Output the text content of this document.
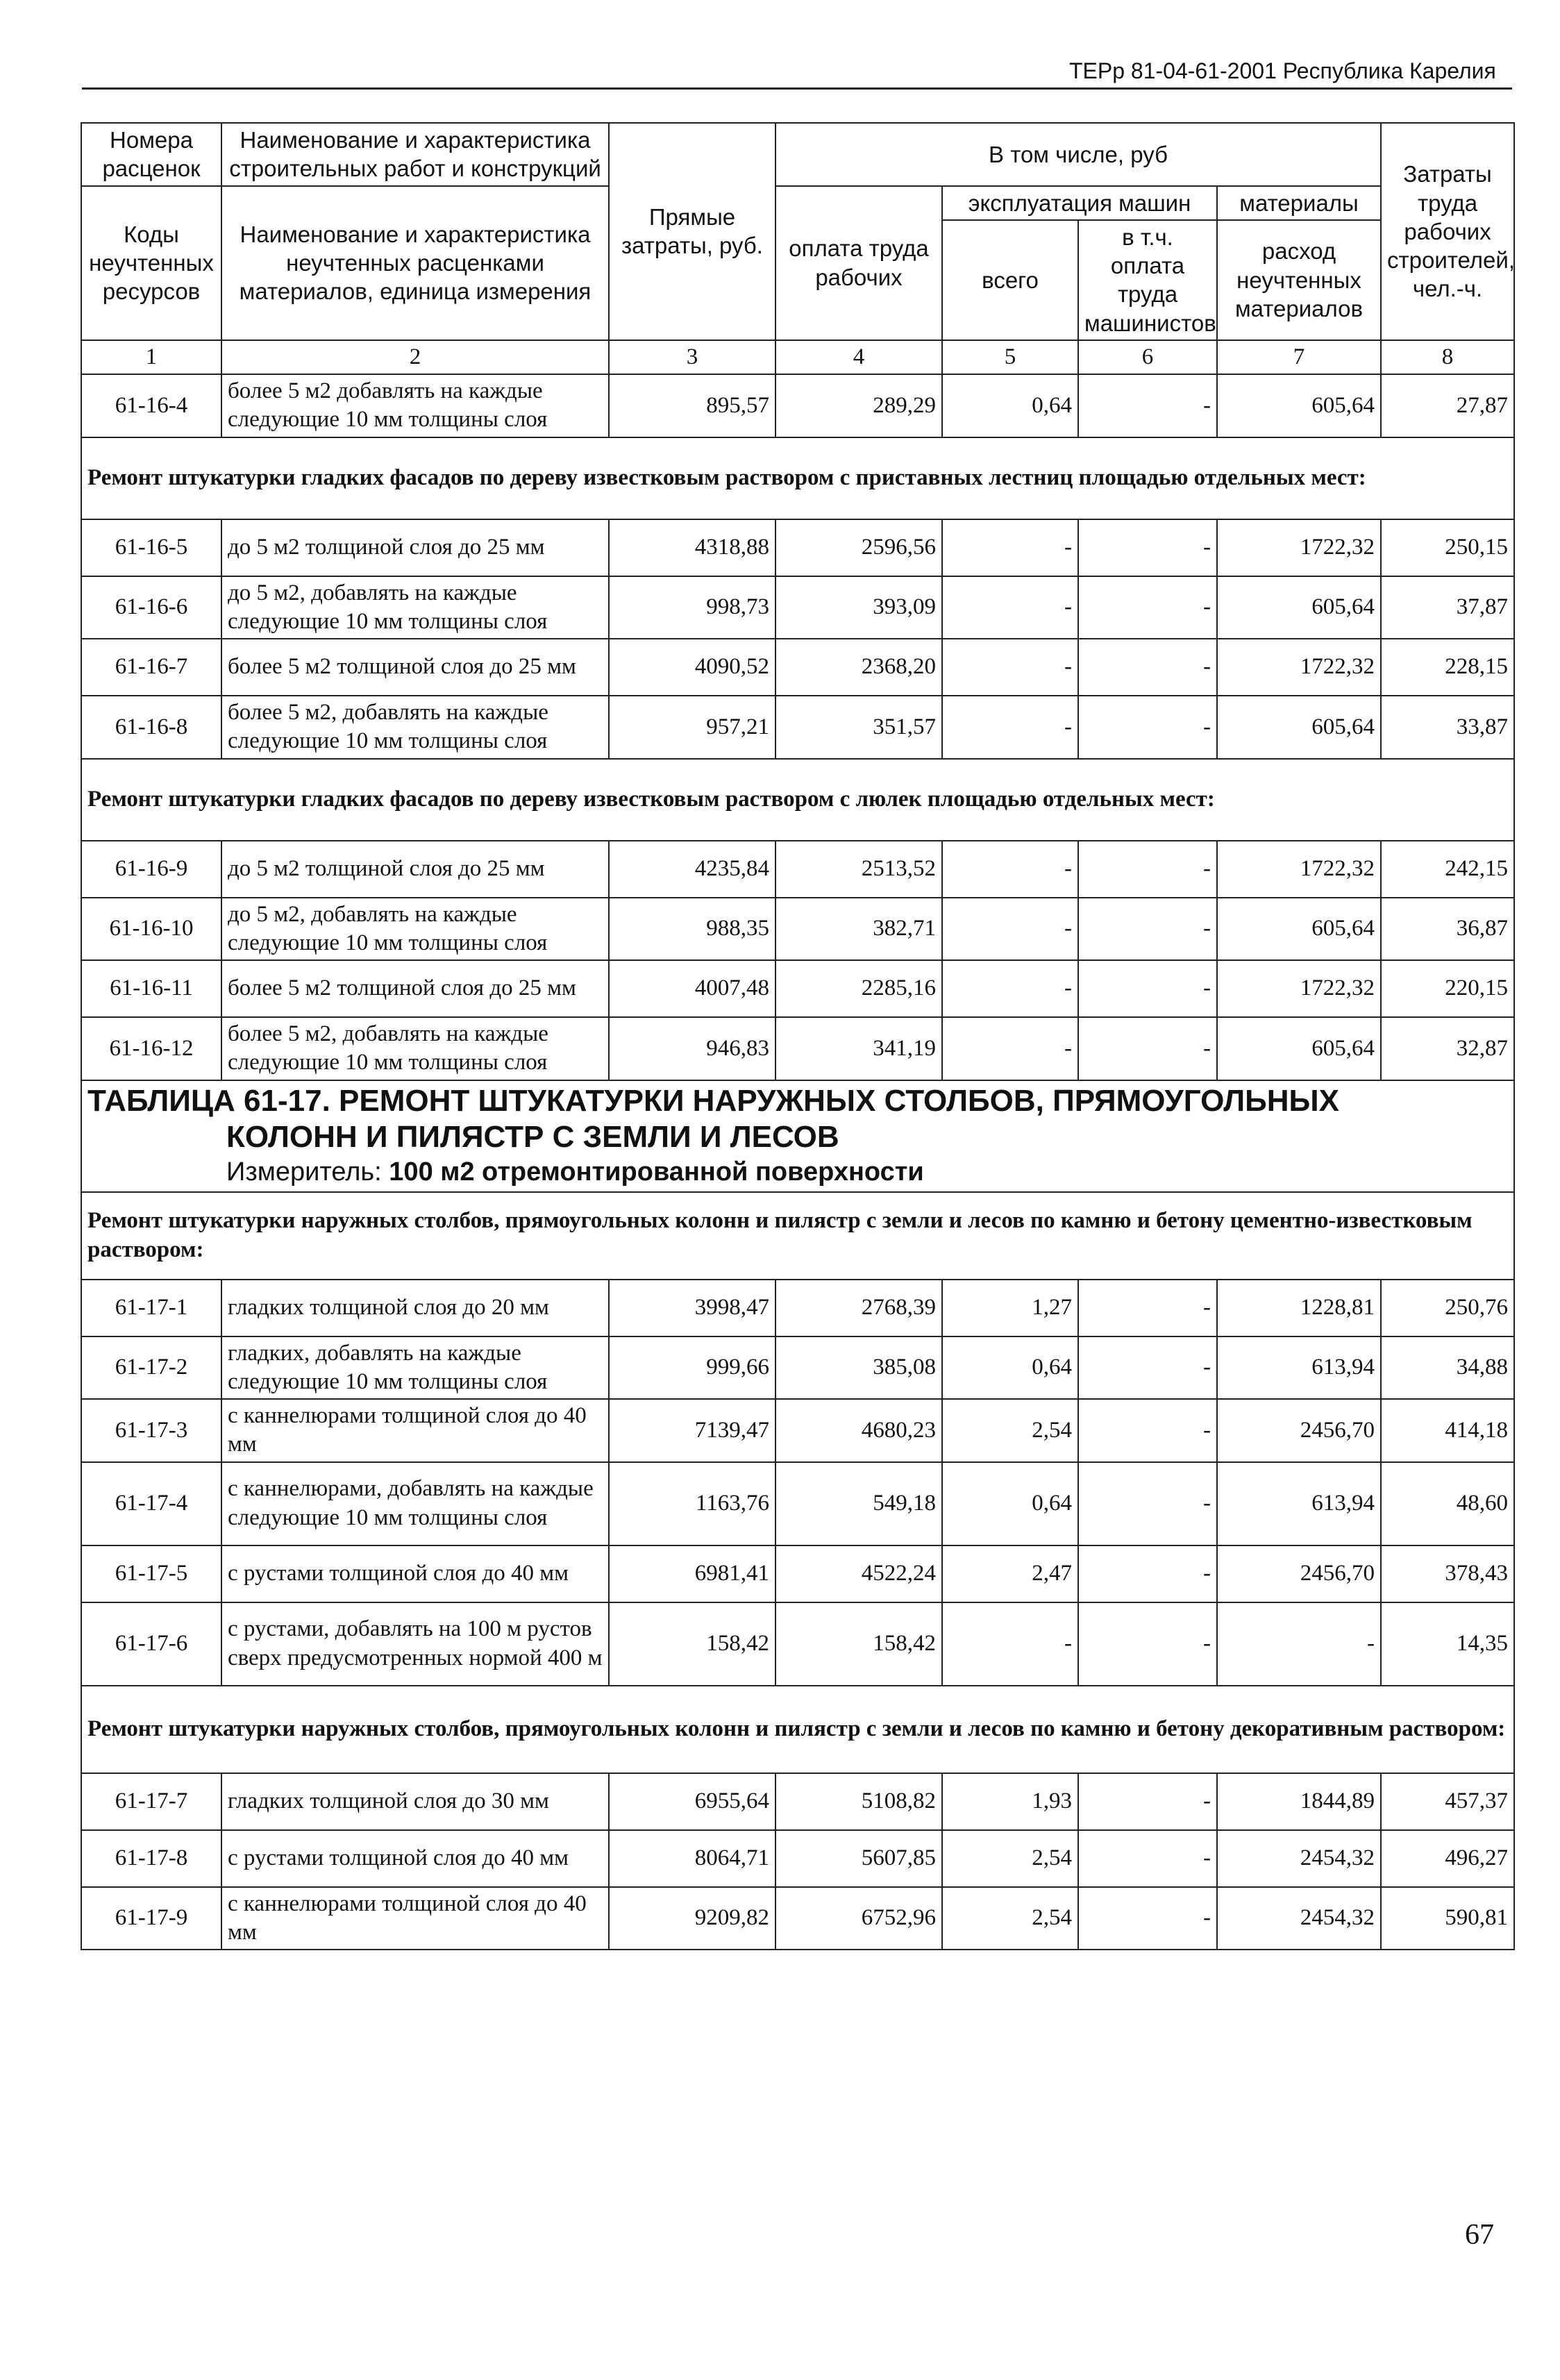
ТЕРр 81-04-61-2001 Республика Карелия
Номера расценок	Наименование и характеристика строительных работ и конструкций	Прямые затраты, руб.	В том числе, руб				Затраты труда рабочих строителей, чел.-ч.
Коды неучтенных ресурсов	Наименование и характеристика неучтенных расценками материалов, единица измерения		оплата труда рабочих	эксплуатация машин		материалы	
				всего	в т.ч. оплата труда машинистов	расход неучтенных материалов	
1	2	3	4	5	6	7	8
61-16-4	более 5 м2 добавлять на каждые следующие 10 мм толщины слоя	895,57	289,29	0,64	-	605,64	27,87
Ремонт штукатурки гладких фасадов по дереву известковым раствором с приставных лестниц площадью отдельных мест:							
61-16-5	до 5 м2 толщиной слоя до 25 мм	4318,88	2596,56	-	-	1722,32	250,15
61-16-6	до 5 м2, добавлять на каждые следующие 10 мм толщины слоя	998,73	393,09	-	-	605,64	37,87
61-16-7	более 5 м2 толщиной слоя до 25 мм	4090,52	2368,20	-	-	1722,32	228,15
61-16-8	более 5 м2, добавлять на каждые следующие 10 мм толщины слоя	957,21	351,57	-	-	605,64	33,87
Ремонт штукатурки гладких фасадов по дереву известковым раствором с люлек площадью отдельных мест:							
61-16-9	до 5 м2 толщиной слоя до 25 мм	4235,84	2513,52	-	-	1722,32	242,15
61-16-10	до 5 м2, добавлять на каждые следующие 10 мм толщины слоя	988,35	382,71	-	-	605,64	36,87
61-16-11	более 5 м2 толщиной слоя до 25 мм	4007,48	2285,16	-	-	1722,32	220,15
61-16-12	более 5 м2, добавлять на каждые следующие 10 мм толщины слоя	946,83	341,19	-	-	605,64	32,87

ТАБЛИЦА 61-17. РЕМОНТ ШТУКАТУРКИ НАРУЖНЫХ СТОЛБОВ, ПРЯМОУГОЛЬНЫХ
КОЛОНН И ПИЛЯСТР С ЗЕМЛИ И ЛЕСОВ
Измеритель: 100 м2 отремонтированной поверхности							

Ремонт штукатурки наружных столбов, прямоугольных колонн и пилястр с земли и лесов по камню и бетону цементно-известковым раствором:							
61-17-1	гладких толщиной слоя до 20 мм	3998,47	2768,39	1,27	-	1228,81	250,76
61-17-2	гладких, добавлять на каждые следующие 10 мм толщины слоя	999,66	385,08	0,64	-	613,94	34,88
61-17-3	с каннелюрами толщиной слоя до 40 мм	7139,47	4680,23	2,54	-	2456,70	414,18
61-17-4	с каннелюрами, добавлять на каждые следующие 10 мм толщины слоя	1163,76	549,18	0,64	-	613,94	48,60
61-17-5	с рустами толщиной слоя до 40 мм	6981,41	4522,24	2,47	-	2456,70	378,43
61-17-6	с рустами, добавлять на 100 м рустов сверх предусмотренных нормой 400 м	158,42	158,42	-	-	-	14,35
Ремонт штукатурки наружных столбов, прямоугольных колонн и пилястр с земли и лесов по камню и бетону декоративным раствором:							
61-17-7	гладких толщиной слоя до 30 мм	6955,64	5108,82	1,93	-	1844,89	457,37
61-17-8	с рустами толщиной слоя до 40 мм	8064,71	5607,85	2,54	-	2454,32	496,27
61-17-9	с каннелюрами толщиной слоя до 40 мм	9209,82	6752,96	2,54	-	2454,32	590,81
67
